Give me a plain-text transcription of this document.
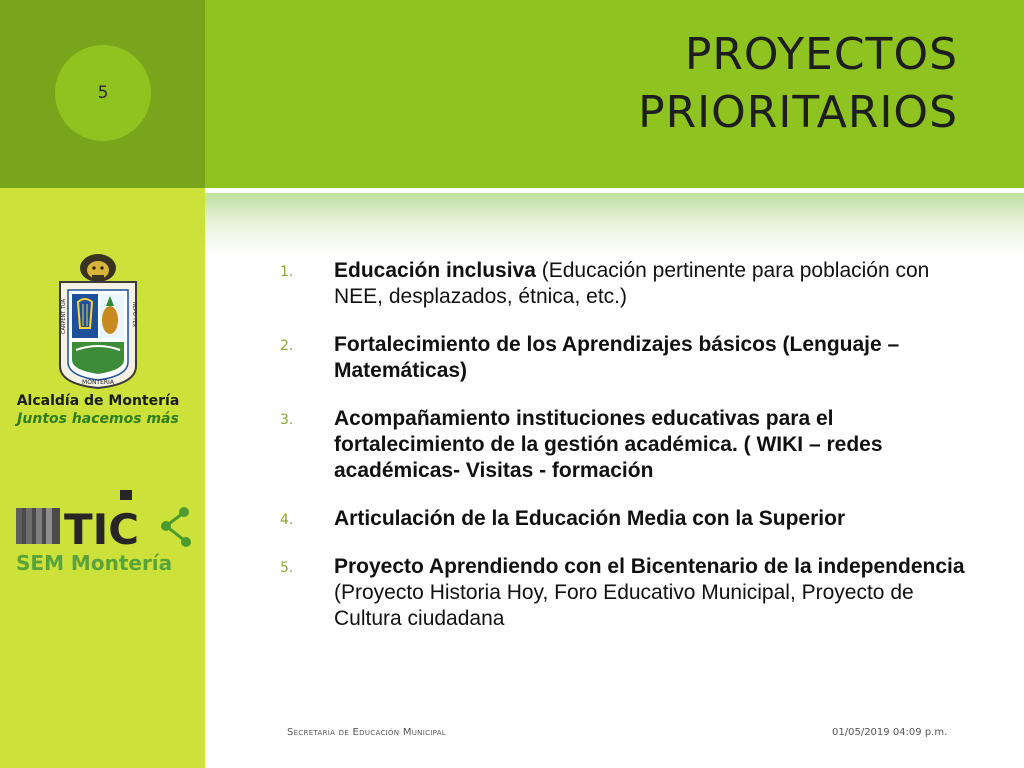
5
PROYECTOS
PRIORITARIOS
CARPENT TUA	NEPO TEX
MONTERIA
Alcaldía de Montería
Juntos hacemos más
TIC
SEM Montería
1.	Educación inclusiva (Educación pertinente para población con NEE, desplazados, étnica, etc.)
2.	Fortalecimiento de los Aprendizajes básicos (Lenguaje – Matemáticas)
3.	Acompañamiento instituciones educativas para el fortalecimiento de la gestión académica. ( WIKI – redes académicas- Visitas - formación
4.	Articulación de la Educación Media con la Superior
5.	Proyecto Aprendiendo con el Bicentenario de la independencia (Proyecto Historia Hoy, Foro Educativo Municipal, Proyecto de Cultura ciudadana
Secretaría de Educación Municipal	01/05/2019 04:09 p.m.
